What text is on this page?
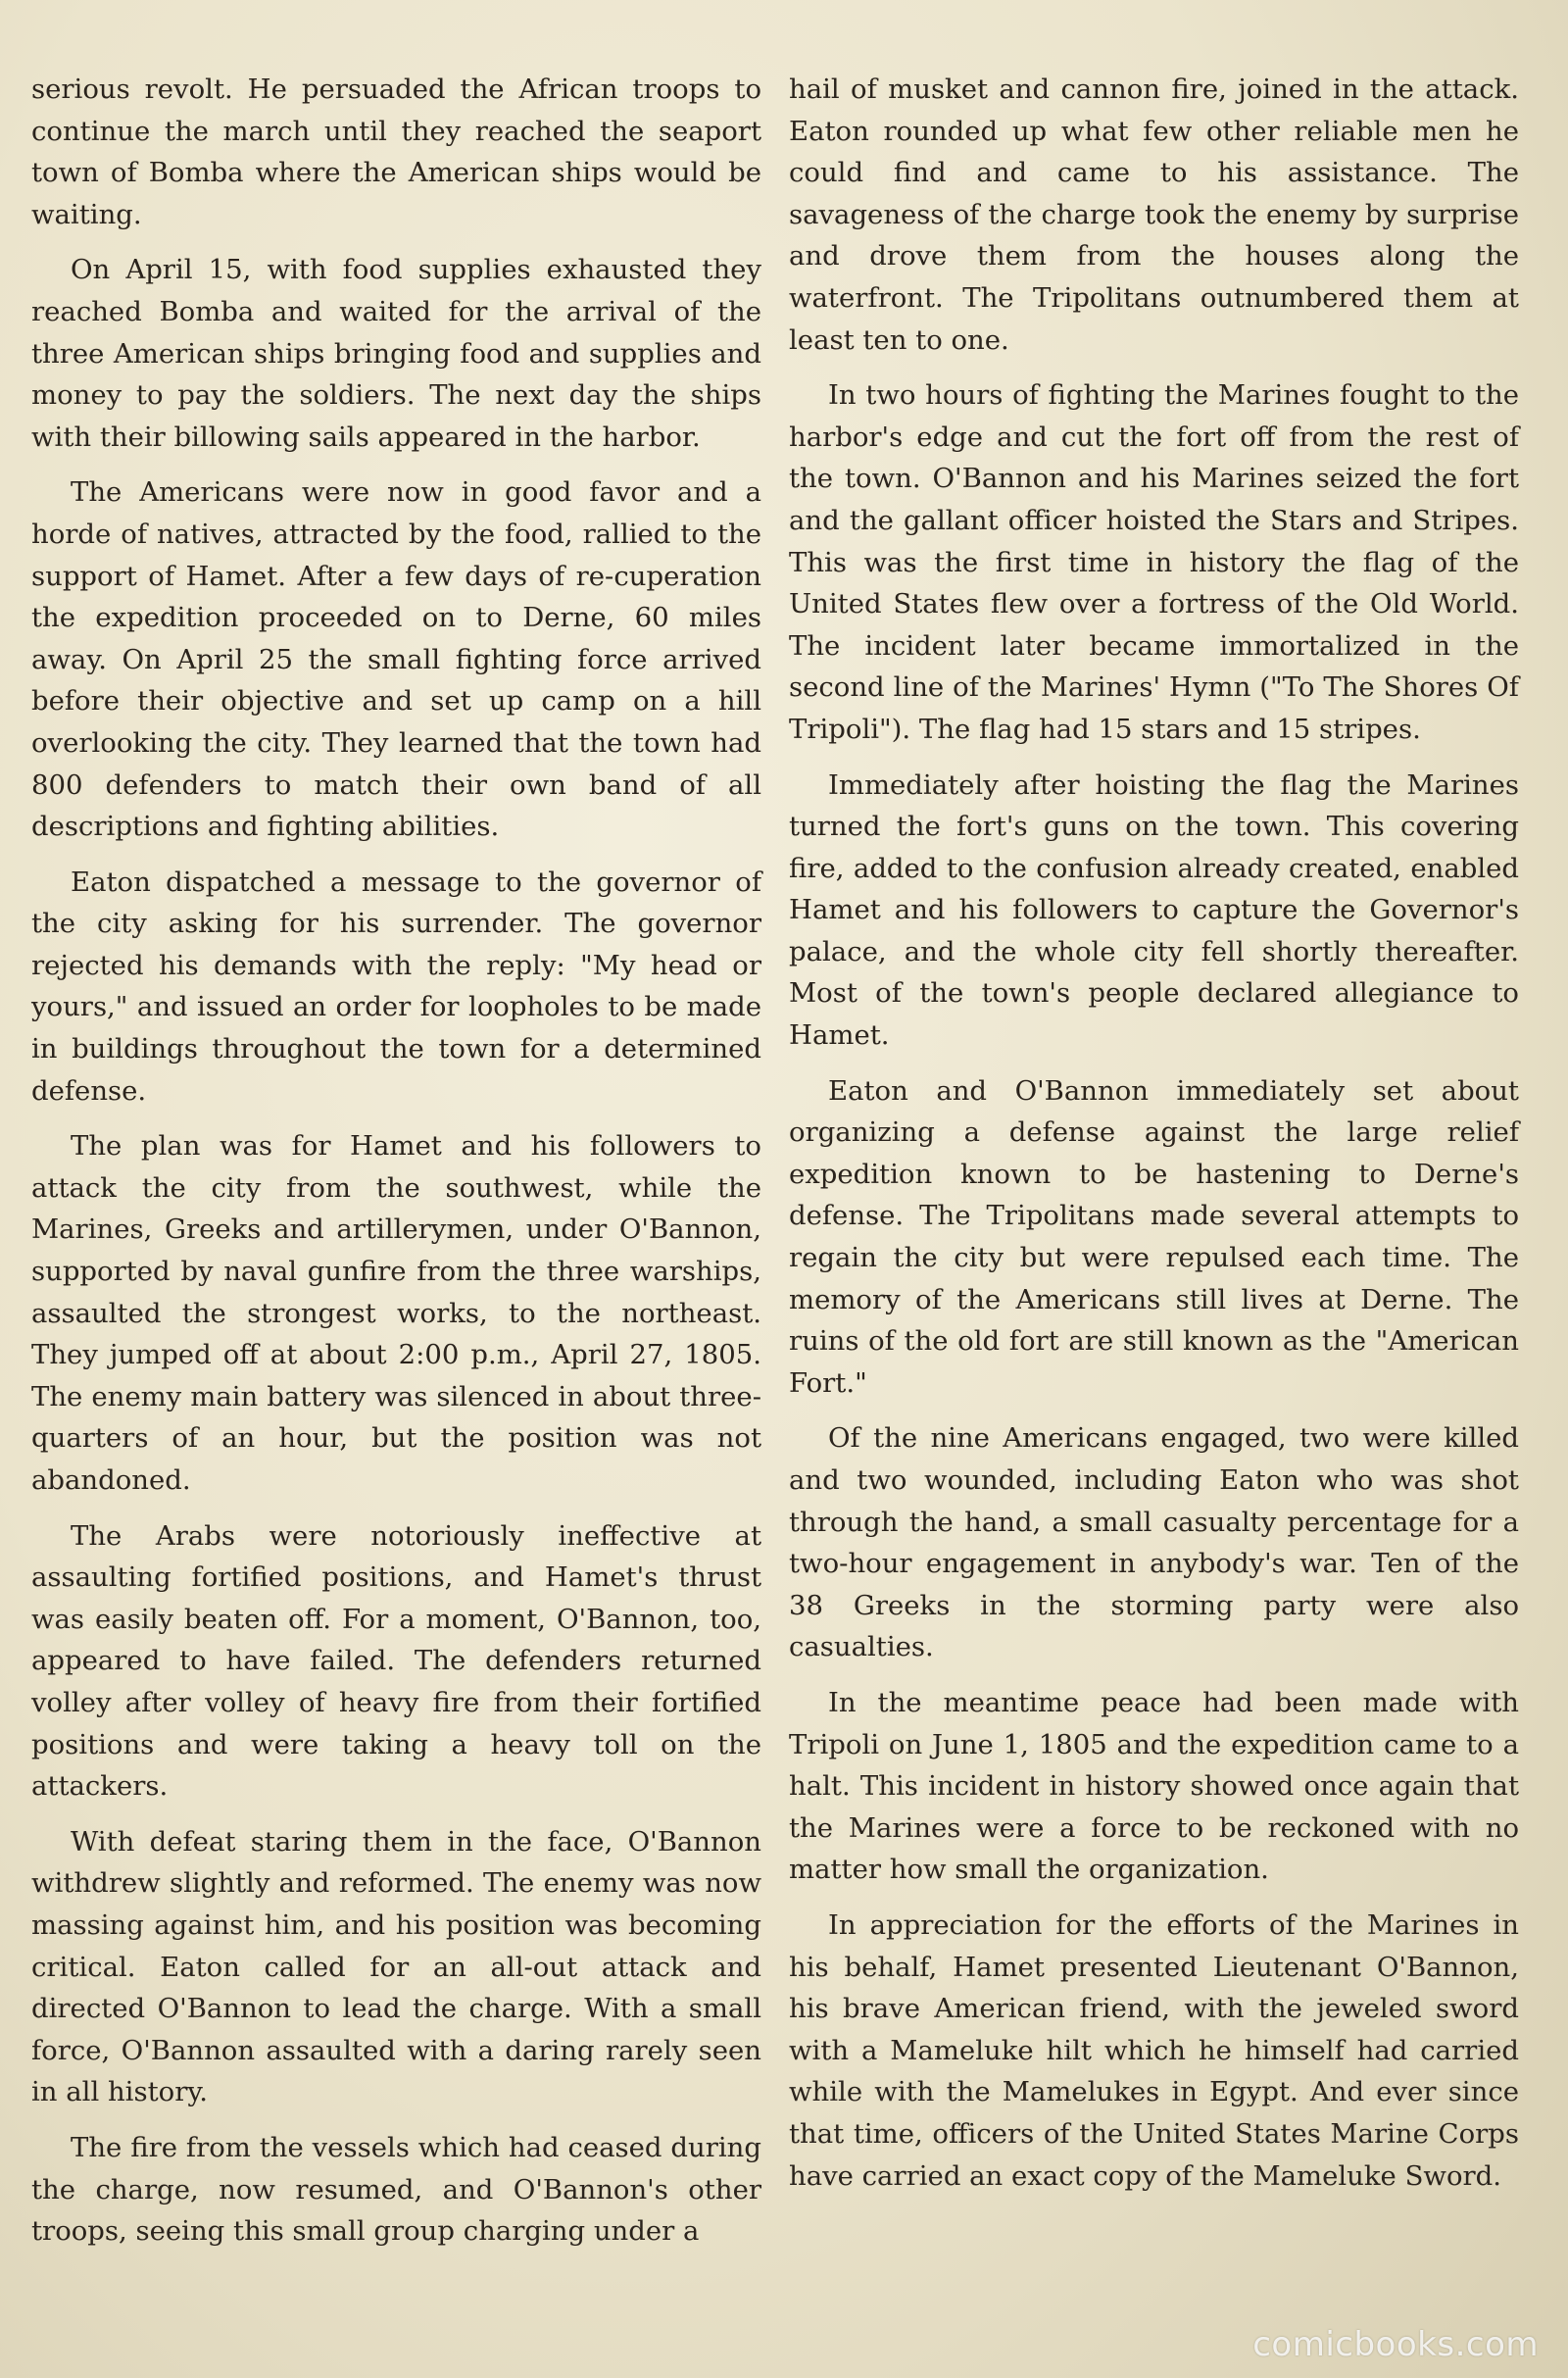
serious revolt. He persuaded the African troops to continue the march until they reached the seaport town of Bomba where the American ships would be waiting.

On April 15, with food supplies exhausted they reached Bomba and waited for the arrival of the three American ships bringing food and supplies and money to pay the soldiers. The next day the ships with their billowing sails appeared in the harbor.

The Americans were now in good favor and a horde of natives, attracted by the food, rallied to the support of Hamet. After a few days of re-cuperation the expedition proceeded on to Derne, 60 miles away. On April 25 the small fighting force arrived before their objective and set up camp on a hill overlooking the city. They learned that the town had 800 defenders to match their own band of all descriptions and fighting abilities.

Eaton dispatched a message to the governor of the city asking for his surrender. The governor rejected his demands with the reply: "My head or yours," and issued an order for loopholes to be made in buildings throughout the town for a determined defense.

The plan was for Hamet and his followers to attack the city from the southwest, while the Marines, Greeks and artillerymen, under O'Bannon, supported by naval gunfire from the three warships, assaulted the strongest works, to the northeast. They jumped off at about 2:00 p.m., April 27, 1805. The enemy main battery was silenced in about three-quarters of an hour, but the position was not abandoned.

The Arabs were notoriously ineffective at assaulting fortified positions, and Hamet's thrust was easily beaten off. For a moment, O'Bannon, too, appeared to have failed. The defenders returned volley after volley of heavy fire from their fortified positions and were taking a heavy toll on the attackers.

With defeat staring them in the face, O'Bannon withdrew slightly and reformed. The enemy was now massing against him, and his position was becoming critical. Eaton called for an all-out attack and directed O'Bannon to lead the charge. With a small force, O'Bannon assaulted with a daring rarely seen in all history.

The fire from the vessels which had ceased during the charge, now resumed, and O'Bannon's other troops, seeing this small group charging under a

hail of musket and cannon fire, joined in the attack. Eaton rounded up what few other reliable men he could find and came to his assistance. The savageness of the charge took the enemy by surprise and drove them from the houses along the waterfront. The Tripolitans outnumbered them at least ten to one.

In two hours of fighting the Marines fought to the harbor's edge and cut the fort off from the rest of the town. O'Bannon and his Marines seized the fort and the gallant officer hoisted the Stars and Stripes. This was the first time in history the flag of the United States flew over a fortress of the Old World. The incident later became immortalized in the second line of the Marines' Hymn ("To The Shores Of Tripoli"). The flag had 15 stars and 15 stripes.

Immediately after hoisting the flag the Marines turned the fort's guns on the town. This covering fire, added to the confusion already created, enabled Hamet and his followers to capture the Governor's palace, and the whole city fell shortly thereafter. Most of the town's people declared allegiance to Hamet.

Eaton and O'Bannon immediately set about organizing a defense against the large relief expedition known to be hastening to Derne's defense. The Tripolitans made several attempts to regain the city but were repulsed each time. The memory of the Americans still lives at Derne. The ruins of the old fort are still known as the "American Fort."

Of the nine Americans engaged, two were killed and two wounded, including Eaton who was shot through the hand, a small casualty percentage for a two-hour engagement in anybody's war. Ten of the 38 Greeks in the storming party were also casualties.

In the meantime peace had been made with Tripoli on June 1, 1805 and the expedition came to a halt. This incident in history showed once again that the Marines were a force to be reckoned with no matter how small the organization.

In appreciation for the efforts of the Marines in his behalf, Hamet presented Lieutenant O'Bannon, his brave American friend, with the jeweled sword with a Mameluke hilt which he himself had carried while with the Mamelukes in Egypt. And ever since that time, officers of the United States Marine Corps have carried an exact copy of the Mameluke Sword.

comicbooks.com
